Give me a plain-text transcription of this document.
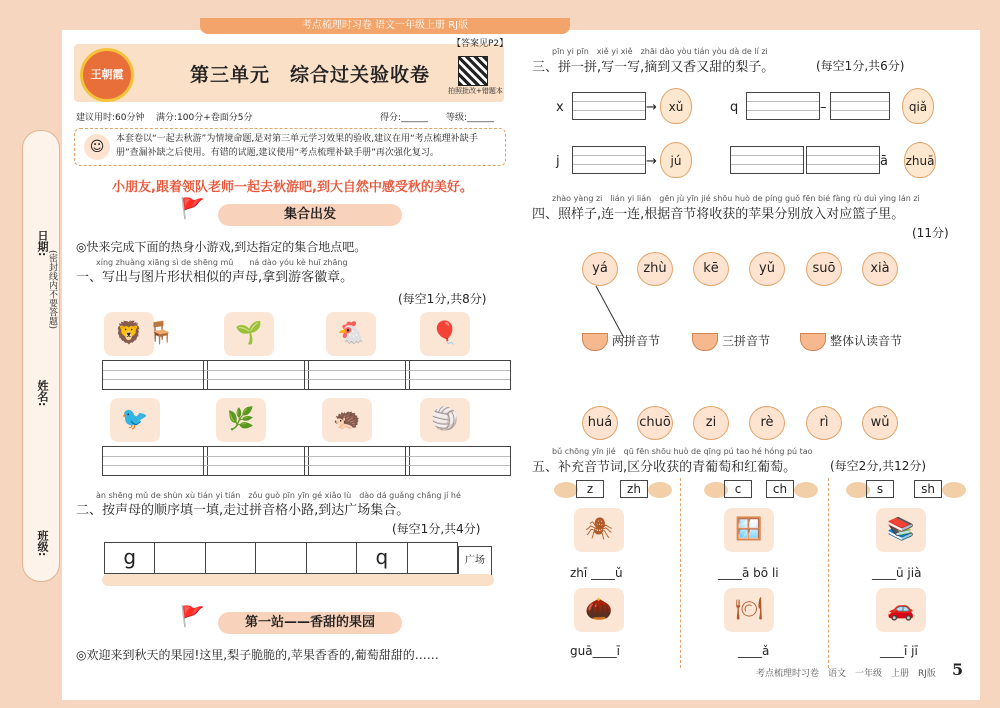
考点梳理时习卷 语文一年级上册 RJ版
日期:
姓名:
班级:
(密封线内不要答题)
王朝霞	第三单元　综合过关验收卷
【答案见P2】
拍照批改+错题本
建议用时:60分钟 满分:100分+卷面分5分	得分:______ 等级:______
☺	本套卷以“一起去秋游”为情境命题,是对第三单元学习效果的验收,建议在用“考点梳理补缺手册”查漏补缺之后使用。有错的试题,建议使用“考点梳理补缺手册”再次强化复习。
小朋友,跟着领队老师一起去秋游吧,到大自然中感受秋的美好。
🚩	集合出发
◎快来完成下面的热身小游戏,到达指定的集合地点吧。
xíng zhuàng xiāng sì de shēng mǔ　　ná dào yóu kè huī zhāng
一、写出与图片形状相似的声母,拿到游客徽章。
(每空1分,共8分)
🦁 🪑	🌱	🐔	🎈
🐦	🌿	🦔	🏐
àn shēng mǔ de shùn xù tián yi tián　zǒu guò pīn yīn gé xiǎo lù　dào dá guǎng chǎng jí hé
二、按声母的顺序填一填,走过拼音格小路,到达广场集合。
(每空1分,共4分)
g	q	广场
🚩	第一站——香甜的果园
◎欢迎来到秋天的果园!这里,梨子脆脆的,苹果香香的,葡萄甜甜的……
pīn yi pīn　xiě yi xiě　zhāi dào yòu tián yòu dà de lí zi
三、拼一拼,写一写,摘到又香又甜的梨子。	(每空1分,共6分)
x	→ xǔ	q	–	qiǎ
j	→	jú	ā zhuā
zhào yàng zi　lián yi lián　gēn jù yīn jié shōu huò de píng guǒ fēn bié fàng rù duì yìng lán zi
四、照样子,连一连,根据音节将收获的苹果分别放入对应篮子里。
(11分)
yá	zhù	kē	yǔ	suō	xià
两拼音节	三拼音节	整体认读音节
huá	chuō	zi	rè	rì	wǔ
bǔ chōng yīn jié　qū fēn shōu huò de qīng pú tao hé hóng pú tao
五、补充音节词,区分收获的青葡萄和红葡萄。	(每空2分,共12分)
z	zh
🕷
zhī ____ǔ
🌰
guā____ī
c	ch
🪟
____ā bō li
🍽
____ǎ
s	sh
📚
____ū jià
🚗
____ī jī
考点梳理时习卷　语文　一年级　上册　RJ版 5
